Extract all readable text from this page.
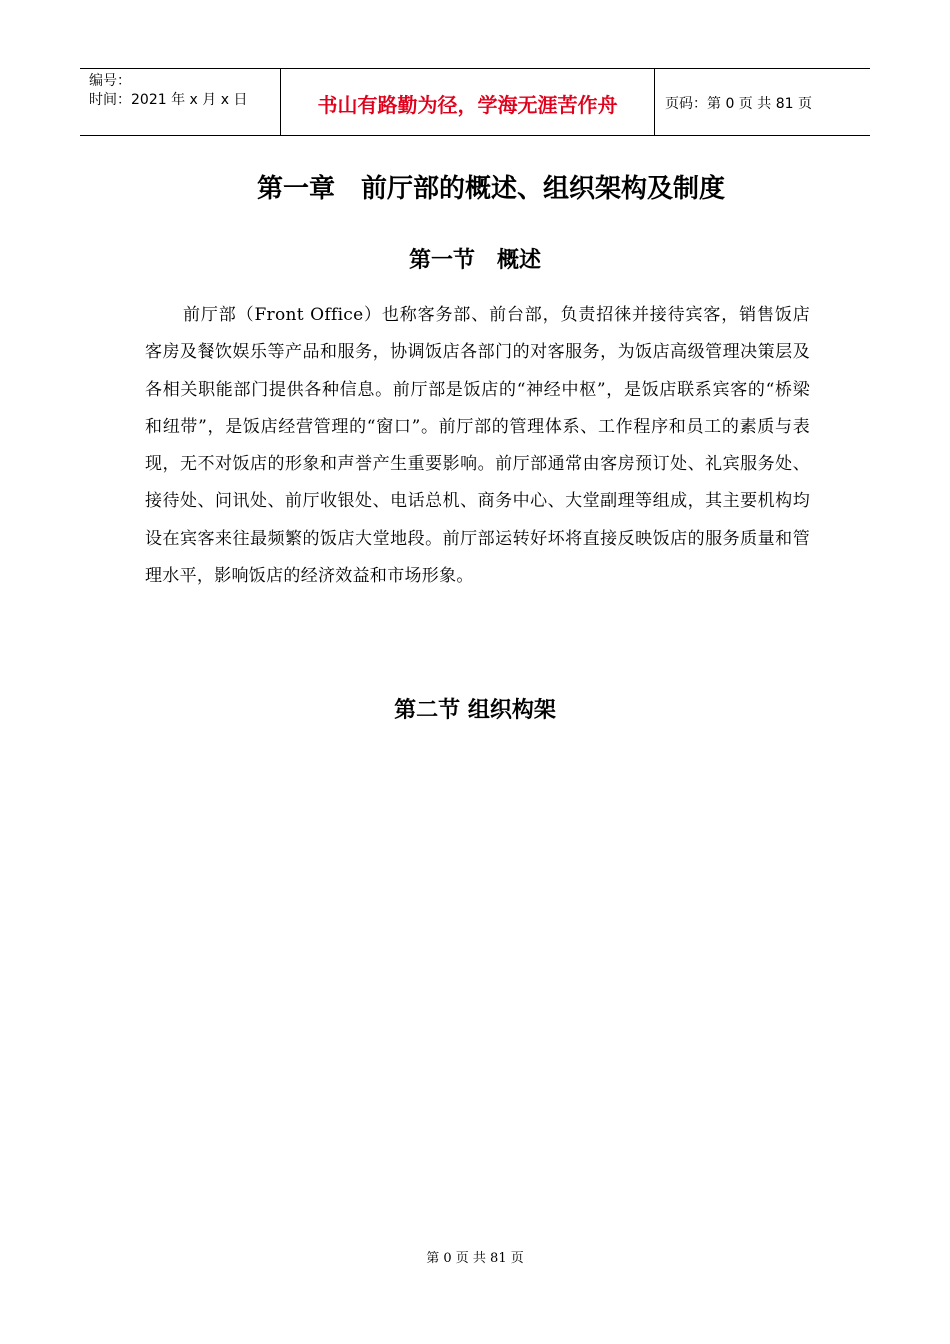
编号：
时间：2021 年 x 月 x 日	书山有路勤为径，学海无涯苦作舟	页码：第 0 页 共 81 页
第一章　前厅部的概述、组织架构及制度
第一节　概述
前厅部（Front Office）也称客务部、前台部，负责招徕并接待宾客，销售饭店客房及餐饮娱乐等产品和服务，协调饭店各部门的对客服务，为饭店高级管理决策层及各相关职能部门提供各种信息。前厅部是饭店的“神经中枢”，是饭店联系宾客的“桥梁和纽带”，是饭店经营管理的“窗口”。前厅部的管理体系、工作程序和员工的素质与表现，无不对饭店的形象和声誉产生重要影响。前厅部通常由客房预订处、礼宾服务处、接待处、问讯处、前厅收银处、电话总机、商务中心、大堂副理等组成，其主要机构均设在宾客来往最频繁的饭店大堂地段。前厅部运转好坏将直接反映饭店的服务质量和管理水平，影响饭店的经济效益和市场形象。
第二节 组织构架
第 0 页 共 81 页
